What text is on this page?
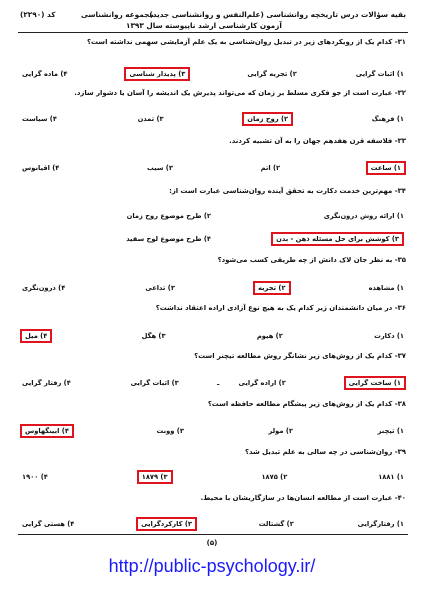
کد (۲۲۹۰)	مجموعه روانشناسی
بقیه سؤالات درس تاریخچه روانشناسی (علم‌النفس و روانشناسی جدید)
آزمون کارشناسی ارشد ناپیوسته سال ۱۳۹۳
۳۱- کدام یک از رویکردهای زیر در تبدیل روان‌شناسی به یک علم آزمایشی سهمی نداشته است؟
۱) اثبات گرایی
۲) تجربه گرایی
۳) پدیدار شناسی
۴) ماده گرایی
۳۲- عبارت است از جو فکری مسلط بر زمان که می‌تواند پذیرش یک اندیشه را آسان یا دشوار سازد.
۱) فرهنگ
۲) روح زمان
۳) تمدن
۴) سیاست
۳۳- فلاسفه قرن هفدهم جهان را به آن تشبیه کردند.
۱) ساعت
۲) اتم
۳) سیب
۴) اقیانوس
۳۴- مهم‌ترین خدمت دکارت به تحقق آینده روان‌شناسی عبارت است از:
۱) ارائه روش درون‌نگری
۲) طرح موضوع روح زمان
۳) کوشش برای حل مسئله ذهن - بدن
۴) طرح موضوع لوح سفید
۳۵- به نظر جان لاک دانش از چه طریقی کسب می‌شود؟
۱) مشاهده
۲) تجربه
۳) تداعی
۴) درون‌نگری
۳۶- در میان دانشمندان زیر کدام یک به هیچ نوع آزادی اراده اعتقاد نداشت؟
۱) دکارت
۲) هیوم
۳) هگل
۴) میل
۳۷- کدام یک از روش‌های زیر نشانگر روش مطالعه تیچنر است؟
۱) ساخت گرایی
۲) اراده گرایی
۳) اثبات گرایی
۴) رفتار گرایی	ـ
۳۸- کدام یک از روش‌های زیر پیشگام مطالعه حافظه است؟
۱) تیچنر
۲) مولر
۳) وونت
۴) ابینگهاوس
۳۹- روان‌شناسی در چه سالی به علم تبدیل شد؟
۱) ۱۸۸۱
۲) ۱۸۷۵
۳) ۱۸۷۹
۴) ۱۹۰۰
۴۰- عبارت است از مطالعه انسان‌ها در سازگاریشان با محیط.
۱) رفتارگرایی
۲) گشتالت
۳) کارکردگرایی
۴) هستی گرایی
(۵)
http://public-psychology.ir/
